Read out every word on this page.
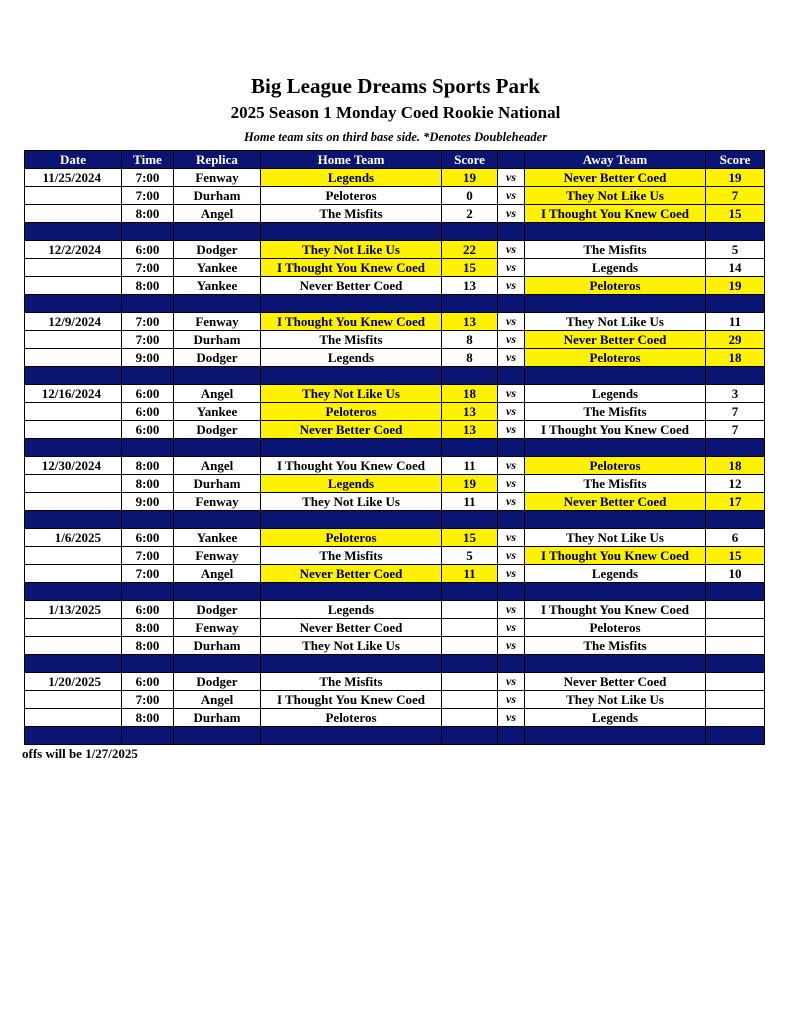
Big League Dreams Sports Park
2025 Season 1 Monday Coed Rookie National
Home team sits on third base side. *Denotes Doubleheader
Date	Time	Replica	Home Team	Score		Away Team	Score
11/25/2024	7:00	Fenway	Legends	19	vs	Never Better Coed	19
	7:00	Durham	Peloteros	0	vs	They Not Like Us	7
	8:00	Angel	The Misfits	2	vs	I Thought You Knew Coed	15

12/2/2024	6:00	Dodger	They Not Like Us	22	vs	The Misfits	5
	7:00	Yankee	I Thought You Knew Coed	15	vs	Legends	14
	8:00	Yankee	Never Better Coed	13	vs	Peloteros	19

12/9/2024	7:00	Fenway	I Thought You Knew Coed	13	vs	They Not Like Us	11
	7:00	Durham	The Misfits	8	vs	Never Better Coed	29
	9:00	Dodger	Legends	8	vs	Peloteros	18

12/16/2024	6:00	Angel	They Not Like Us	18	vs	Legends	3
	6:00	Yankee	Peloteros	13	vs	The Misfits	7
	6:00	Dodger	Never Better Coed	13	vs	I Thought You Knew Coed	7

12/30/2024	8:00	Angel	I Thought You Knew Coed	11	vs	Peloteros	18
	8:00	Durham	Legends	19	vs	The Misfits	12
	9:00	Fenway	They Not Like Us	11	vs	Never Better Coed	17

1/6/2025	6:00	Yankee	Peloteros	15	vs	They Not Like Us	6
	7:00	Fenway	The Misfits	5	vs	I Thought You Knew Coed	15
	7:00	Angel	Never Better Coed	11	vs	Legends	10

1/13/2025	6:00	Dodger	Legends		vs	I Thought You Knew Coed	
	8:00	Fenway	Never Better Coed		vs	Peloteros	
	8:00	Durham	They Not Like Us		vs	The Misfits	

1/20/2025	6:00	Dodger	The Misfits		vs	Never Better Coed	
	7:00	Angel	I Thought You Knew Coed		vs	They Not Like Us	
	8:00	Durham	Peloteros		vs	Legends	

offs will be 1/27/2025
